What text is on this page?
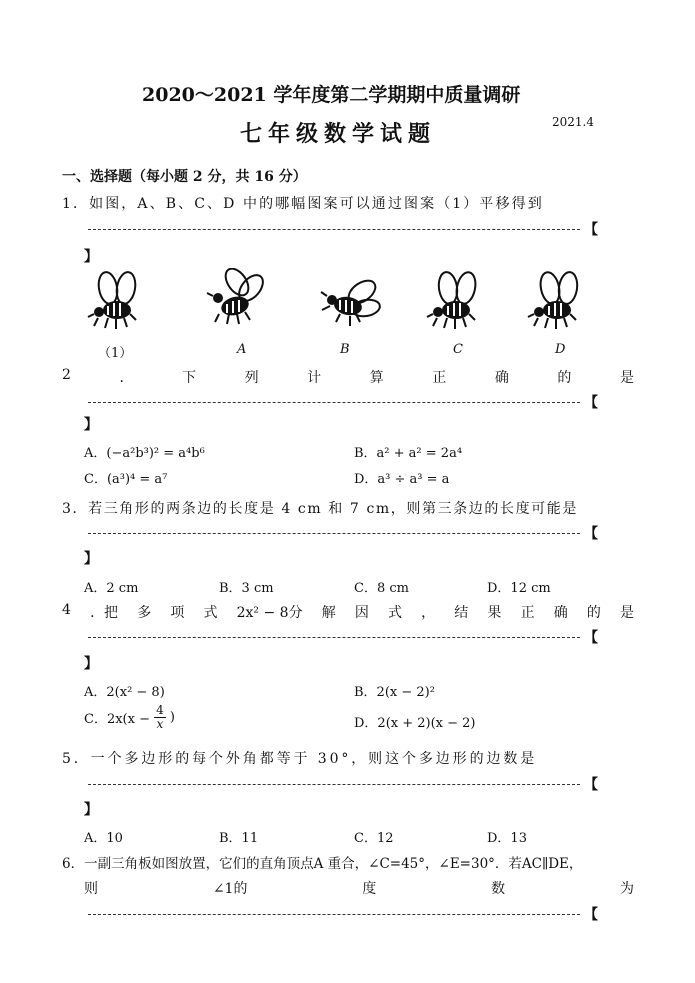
2020～2021 学年度第二学期期中质量调研
七年级数学试题	2021.4
一、选择题（每小题 2 分，共 16 分）
1．如图，A、B、C、D 中的哪幅图案可以通过图案（1）平移得到
【
】
（1）	A	B	C	D
2	．	下	列	计	算	正	确	的	是
【
】
A．(−a²b³)² = a⁴b⁶	B．a² + a² = 2a⁴
C．(a³)⁴ = a⁷	D．a³ ÷ a³ = a
3．若三角形的两条边的长度是 4 cm 和 7 cm，则第三条边的长度可能是
【
】
A．2 cm	B．3 cm	C．8 cm	D．12 cm
4 ．把 多 项 式 2x² − 8分 解 因 式 ， 结 果 正 确 的 是
【
】
A．2(x² − 8)	B．2(x − 2)²
C．$2x(x - \frac{4}{x}$ )	D．2(x + 2)(x − 2)
5．一个多边形的每个外角都等于 30°，则这个多边形的边数是
【
】
A．10	B．11	C．12	D．13
6．一副三角板如图放置，它们的直角顶点A 重合，∠C=45°，∠E=30°．若AC∥DE，
则	∠1的	度	数	为
【
